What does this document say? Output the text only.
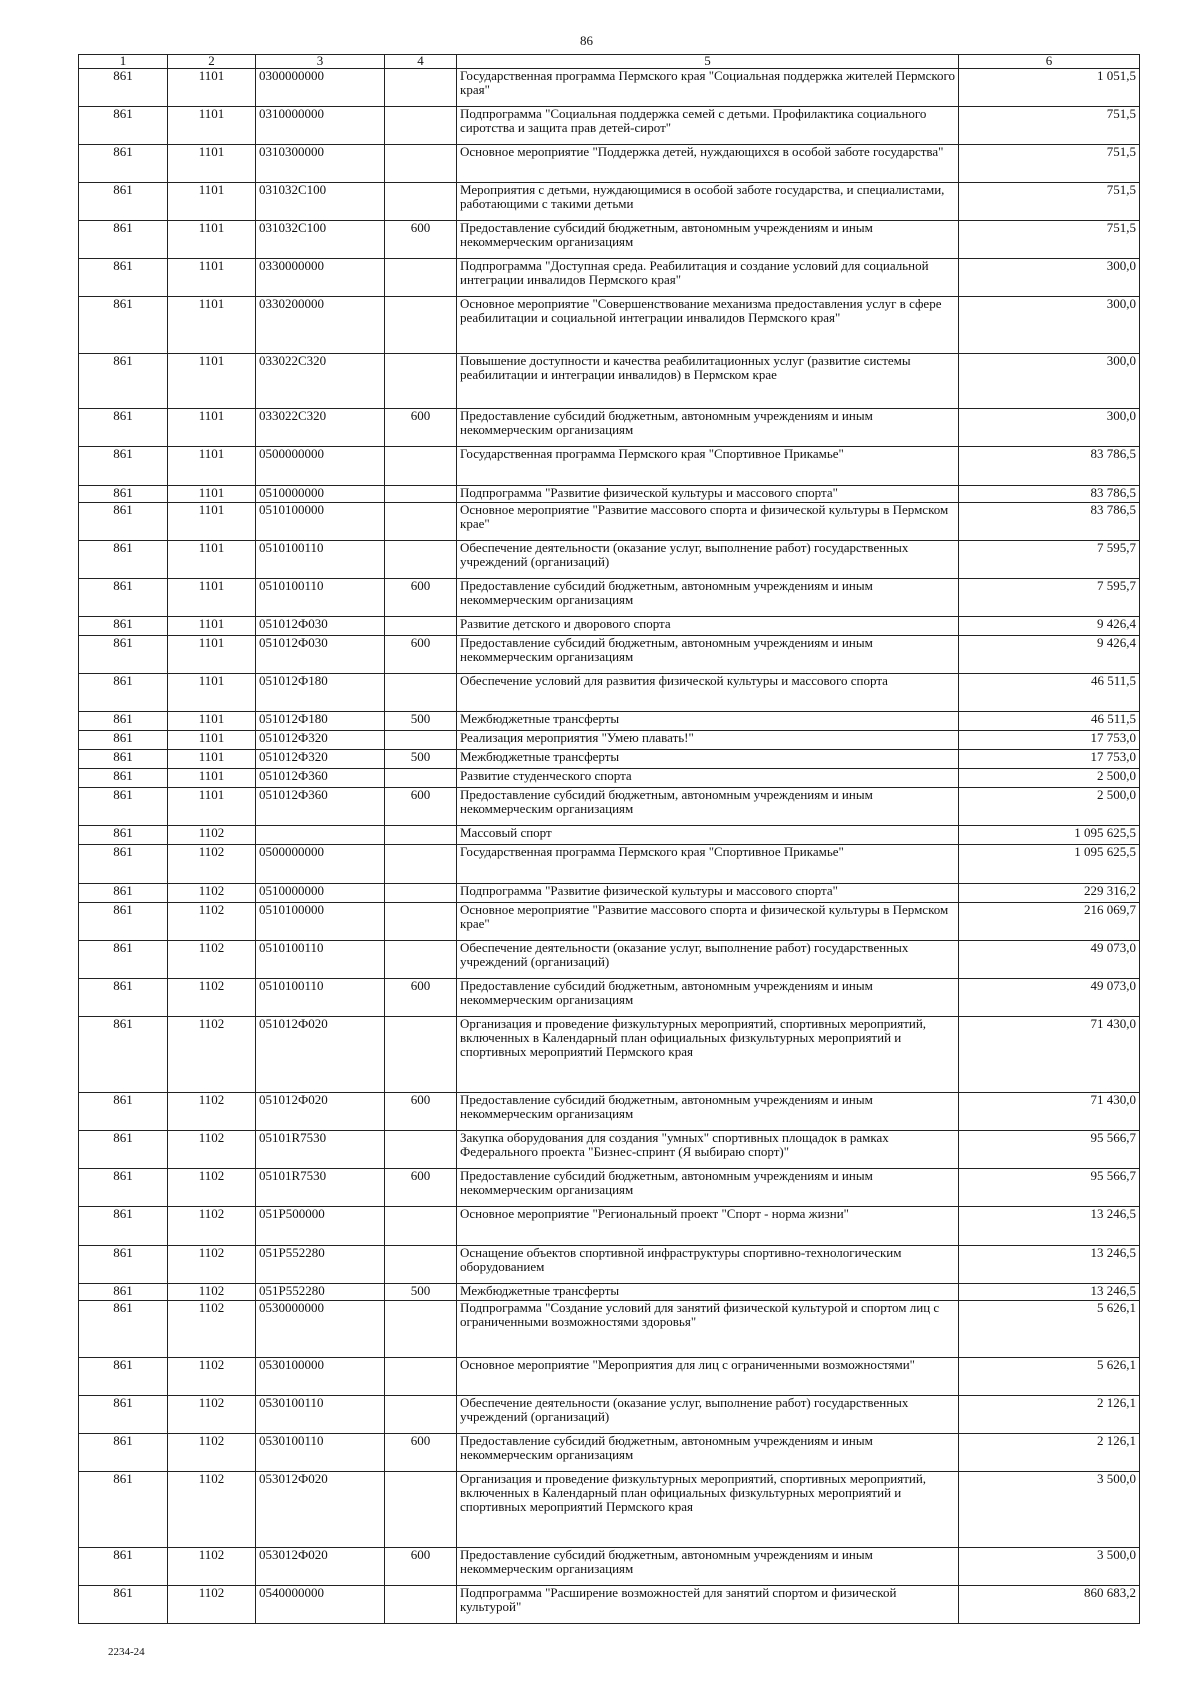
86
1	2	3	4	5	6
861	1101	0300000000		Государственная программа Пермского края "Социальная поддержка жителей Пермского края"	1 051,5
861	1101	0310000000		Подпрограмма "Социальная поддержка семей с детьми. Профилактика социального сиротства и защита прав детей-сирот"	751,5
861	1101	0310300000		Основное мероприятие "Поддержка детей, нуждающихся в особой заботе государства"	751,5
861	1101	031032С100		Мероприятия с детьми, нуждающимися в особой заботе государства, и специалистами, работающими с такими детьми	751,5
861	1101	031032С100	600	Предоставление субсидий бюджетным, автономным учреждениям и иным некоммерческим организациям	751,5
861	1101	0330000000		Подпрограмма "Доступная среда. Реабилитация и создание условий для социальной интеграции инвалидов Пермского края"	300,0
861	1101	0330200000		Основное мероприятие "Совершенствование механизма предоставления услуг в сфере реабилитации и социальной интеграции инвалидов Пермского края"	300,0
861	1101	033022С320		Повышение доступности и качества реабилитационных услуг (развитие системы реабилитации и интеграции инвалидов) в Пермском крае	300,0
861	1101	033022С320	600	Предоставление субсидий бюджетным, автономным учреждениям и иным некоммерческим организациям	300,0
861	1101	0500000000		Государственная программа Пермского края "Спортивное Прикамье"	83 786,5
861	1101	0510000000		Подпрограмма "Развитие физической культуры и массового спорта"	83 786,5
861	1101	0510100000		Основное мероприятие "Развитие массового спорта и физической культуры в Пермском крае"	83 786,5
861	1101	0510100110		Обеспечение деятельности (оказание услуг, выполнение работ) государственных учреждений (организаций)	7 595,7
861	1101	0510100110	600	Предоставление субсидий бюджетным, автономным учреждениям и иным некоммерческим организациям	7 595,7
861	1101	051012Ф030		Развитие детского и дворового спорта	9 426,4
861	1101	051012Ф030	600	Предоставление субсидий бюджетным, автономным учреждениям и иным некоммерческим организациям	9 426,4
861	1101	051012Ф180		Обеспечение условий для развития физической культуры и массового спорта	46 511,5
861	1101	051012Ф180	500	Межбюджетные трансферты	46 511,5
861	1101	051012Ф320		Реализация мероприятия "Умею плавать!"	17 753,0
861	1101	051012Ф320	500	Межбюджетные трансферты	17 753,0
861	1101	051012Ф360		Развитие студенческого спорта	2 500,0
861	1101	051012Ф360	600	Предоставление субсидий бюджетным, автономным учреждениям и иным некоммерческим организациям	2 500,0
861	1102			Массовый спорт	1 095 625,5
861	1102	0500000000		Государственная программа Пермского края "Спортивное Прикамье"	1 095 625,5
861	1102	0510000000		Подпрограмма "Развитие физической культуры и массового спорта"	229 316,2
861	1102	0510100000		Основное мероприятие "Развитие массового спорта и физической культуры в Пермском крае"	216 069,7
861	1102	0510100110		Обеспечение деятельности (оказание услуг, выполнение работ) государственных учреждений (организаций)	49 073,0
861	1102	0510100110	600	Предоставление субсидий бюджетным, автономным учреждениям и иным некоммерческим организациям	49 073,0
861	1102	051012Ф020		Организация и проведение физкультурных мероприятий, спортивных мероприятий, включенных в Календарный план официальных физкультурных мероприятий и спортивных мероприятий Пермского края	71 430,0
861	1102	051012Ф020	600	Предоставление субсидий бюджетным, автономным учреждениям и иным некоммерческим организациям	71 430,0
861	1102	05101R7530		Закупка оборудования для создания "умных" спортивных площадок в рамках Федерального проекта "Бизнес-спринт (Я выбираю спорт)"	95 566,7
861	1102	05101R7530	600	Предоставление субсидий бюджетным, автономным учреждениям и иным некоммерческим организациям	95 566,7
861	1102	051P500000		Основное мероприятие "Региональный проект "Спорт - норма жизни"	13 246,5
861	1102	051P552280		Оснащение объектов спортивной инфраструктуры спортивно-технологическим оборудованием	13 246,5
861	1102	051P552280	500	Межбюджетные трансферты	13 246,5
861	1102	0530000000		Подпрограмма "Создание условий для занятий физической культурой и спортом лиц с ограниченными возможностями здоровья"	5 626,1
861	1102	0530100000		Основное мероприятие "Мероприятия для лиц с ограниченными возможностями"	5 626,1
861	1102	0530100110		Обеспечение деятельности (оказание услуг, выполнение работ) государственных учреждений (организаций)	2 126,1
861	1102	0530100110	600	Предоставление субсидий бюджетным, автономным учреждениям и иным некоммерческим организациям	2 126,1
861	1102	053012Ф020		Организация и проведение физкультурных мероприятий, спортивных мероприятий, включенных в Календарный план официальных физкультурных мероприятий и спортивных мероприятий Пермского края	3 500,0
861	1102	053012Ф020	600	Предоставление субсидий бюджетным, автономным учреждениям и иным некоммерческим организациям	3 500,0
861	1102	0540000000		Подпрограмма "Расширение возможностей для занятий спортом и физической культурой"	860 683,2
2234-24
